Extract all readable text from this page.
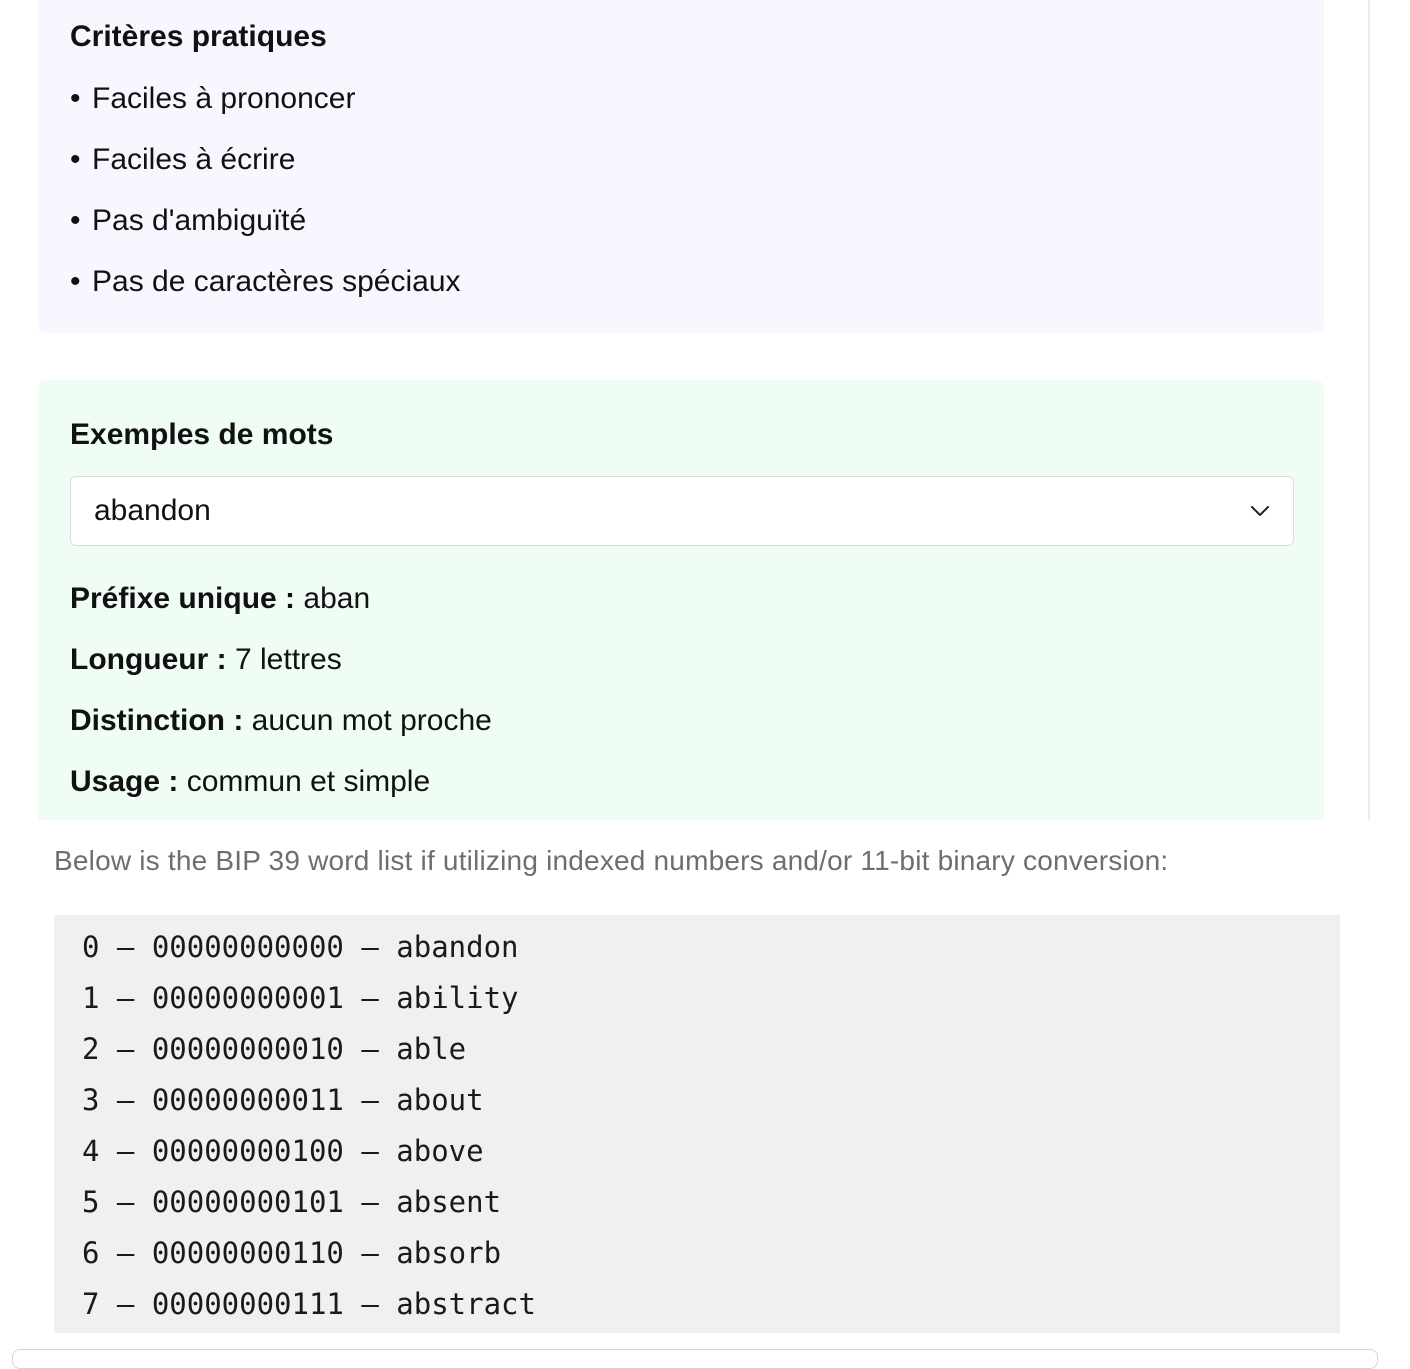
Critères pratiques
• Faciles à prononcer
• Faciles à écrire
• Pas d'ambiguïté
• Pas de caractères spéciaux
Exemples de mots
abandon
Préfixe unique : aban
Longueur : 7 lettres
Distinction : aucun mot proche
Usage : commun et simple

Below is the BIP 39 word list if utilizing indexed numbers and/or 11-bit binary conversion:

0 – 00000000000 – abandon
1 – 00000000001 – ability
2 – 00000000010 – able
3 – 00000000011 – about
4 – 00000000100 – above
5 – 00000000101 – absent
6 – 00000000110 – absorb
7 – 00000000111 – abstract
